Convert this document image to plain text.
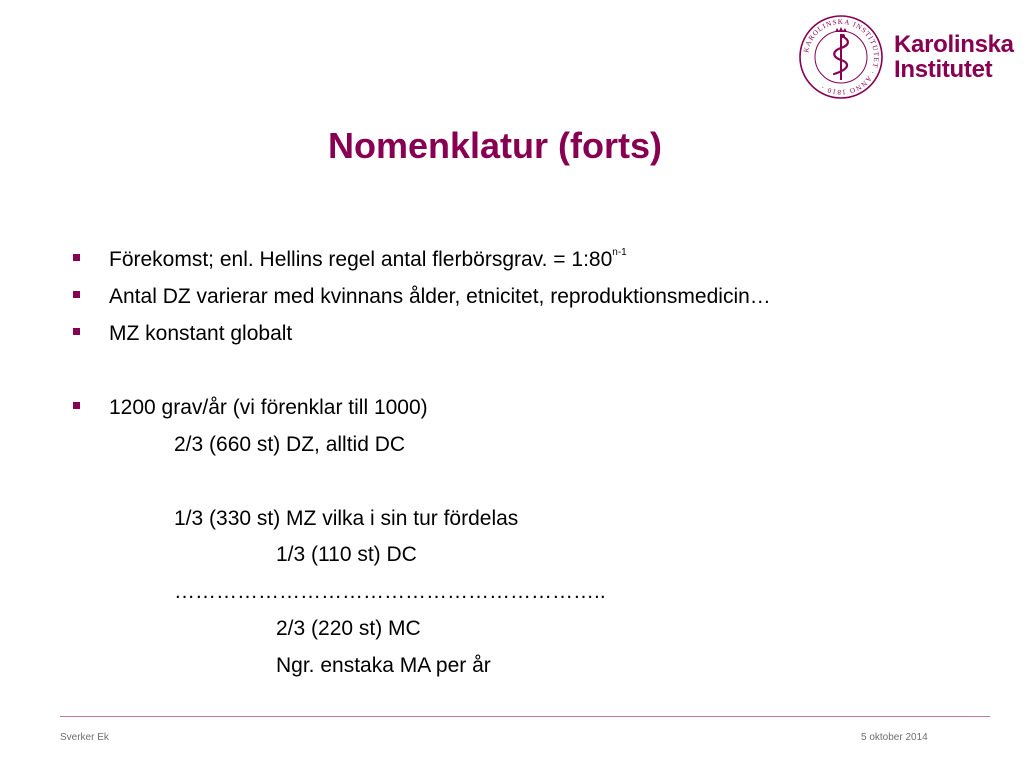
KAROLINSKA INSTITUTET · ANNO 1810 ·
Karolinska
Institutet
Nomenklatur (forts)
Förekomst; enl. Hellins regel antal flerbörsgrav. = $1:80^{n-1}$
Antal DZ varierar med kvinnans ålder, etnicitet, reproduktionsmedicin…
MZ konstant globalt
1200 grav/år (vi förenklar till 1000)
2/3 (660 st) DZ, alltid DC
1/3 (330 st) MZ vilka i sin tur fördelas
1/3 (110 st) DC
……………………………………………………..
2/3 (220 st) MC
Ngr. enstaka MA per år
Sverker Ek	5 oktober 2014
